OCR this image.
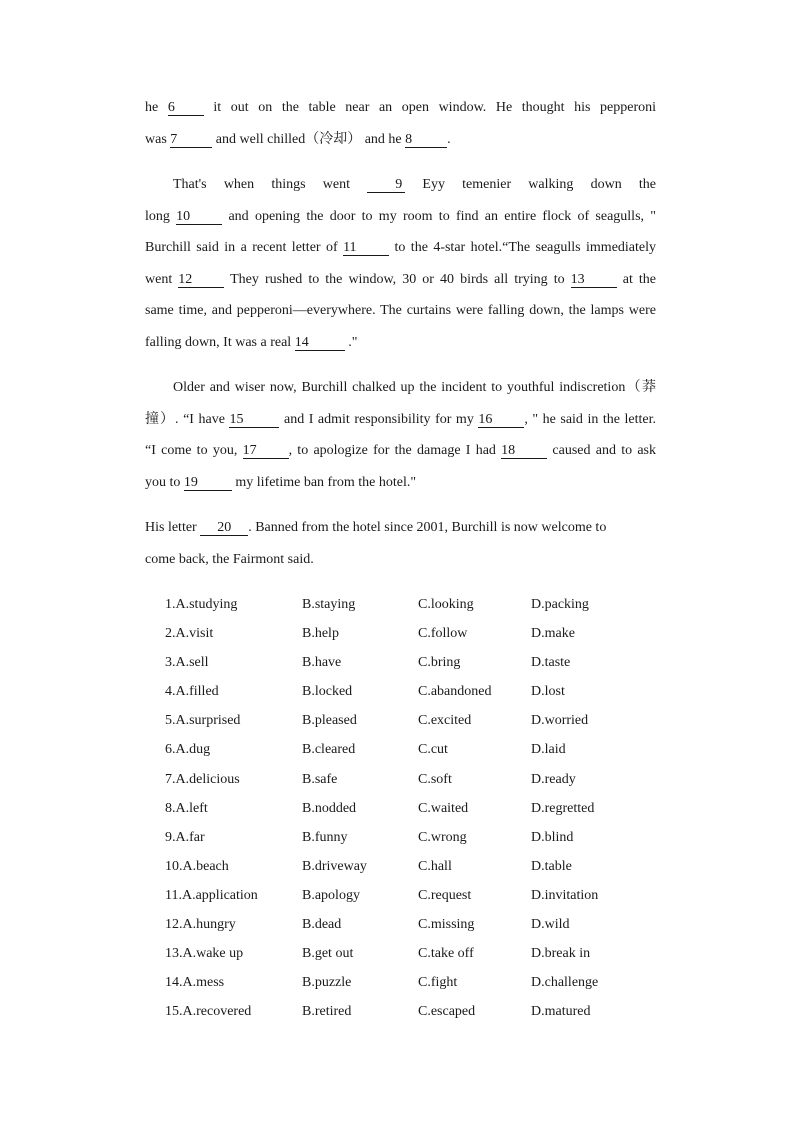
he 6	it out on the table near an open window. He thought his pepperoni

was 7	and well chilled（冷却） and he 8	.

That's when things went	9 Eyy temenier walking down the

long 10	and opening the door to my room to find an entire flock of seagulls, "

Burchill said in a recent letter of 11	to the 4-star hotel.“The seagulls immediately

went 12	They rushed to the window, 30 or 40 birds all trying to 13	at the

same time, and pepperoni—everywhere. The curtains were falling down, the lamps were

falling down, It was a real 14	."

Older and wiser now, Burchill chalked up the incident to youthful indiscretion（莽

撞）. “I have 15	and I admit responsibility for my 16 , " he said in the letter.

“I come to you, 17 , to apologize for the damage I had 18	caused and to ask

you to 19	my lifetime ban from the hotel."

His letter 20 . Banned from the hotel since 2001, Burchill is now welcome to

come back, the Fairmont said.

1.A.studying	B.staying	C.looking	D.packing
2.A.visit	B.help	C.follow	D.make
3.A.sell	B.have	C.bring	D.taste
4.A.filled	B.locked	C.abandoned	D.lost
5.A.surprised	B.pleased	C.excited	D.worried
6.A.dug	B.cleared	C.cut	D.laid
7.A.delicious	B.safe	C.soft	D.ready
8.A.left	B.nodded	C.waited	D.regretted
9.A.far	B.funny	C.wrong	D.blind
10.A.beach	B.driveway	C.hall	D.table
11.A.application	B.apology	C.request	D.invitation
12.A.hungry	B.dead	C.missing	D.wild
13.A.wake up	B.get out	C.take off	D.break in
14.A.mess	B.puzzle	C.fight	D.challenge
15.A.recovered	B.retired	C.escaped	D.matured
